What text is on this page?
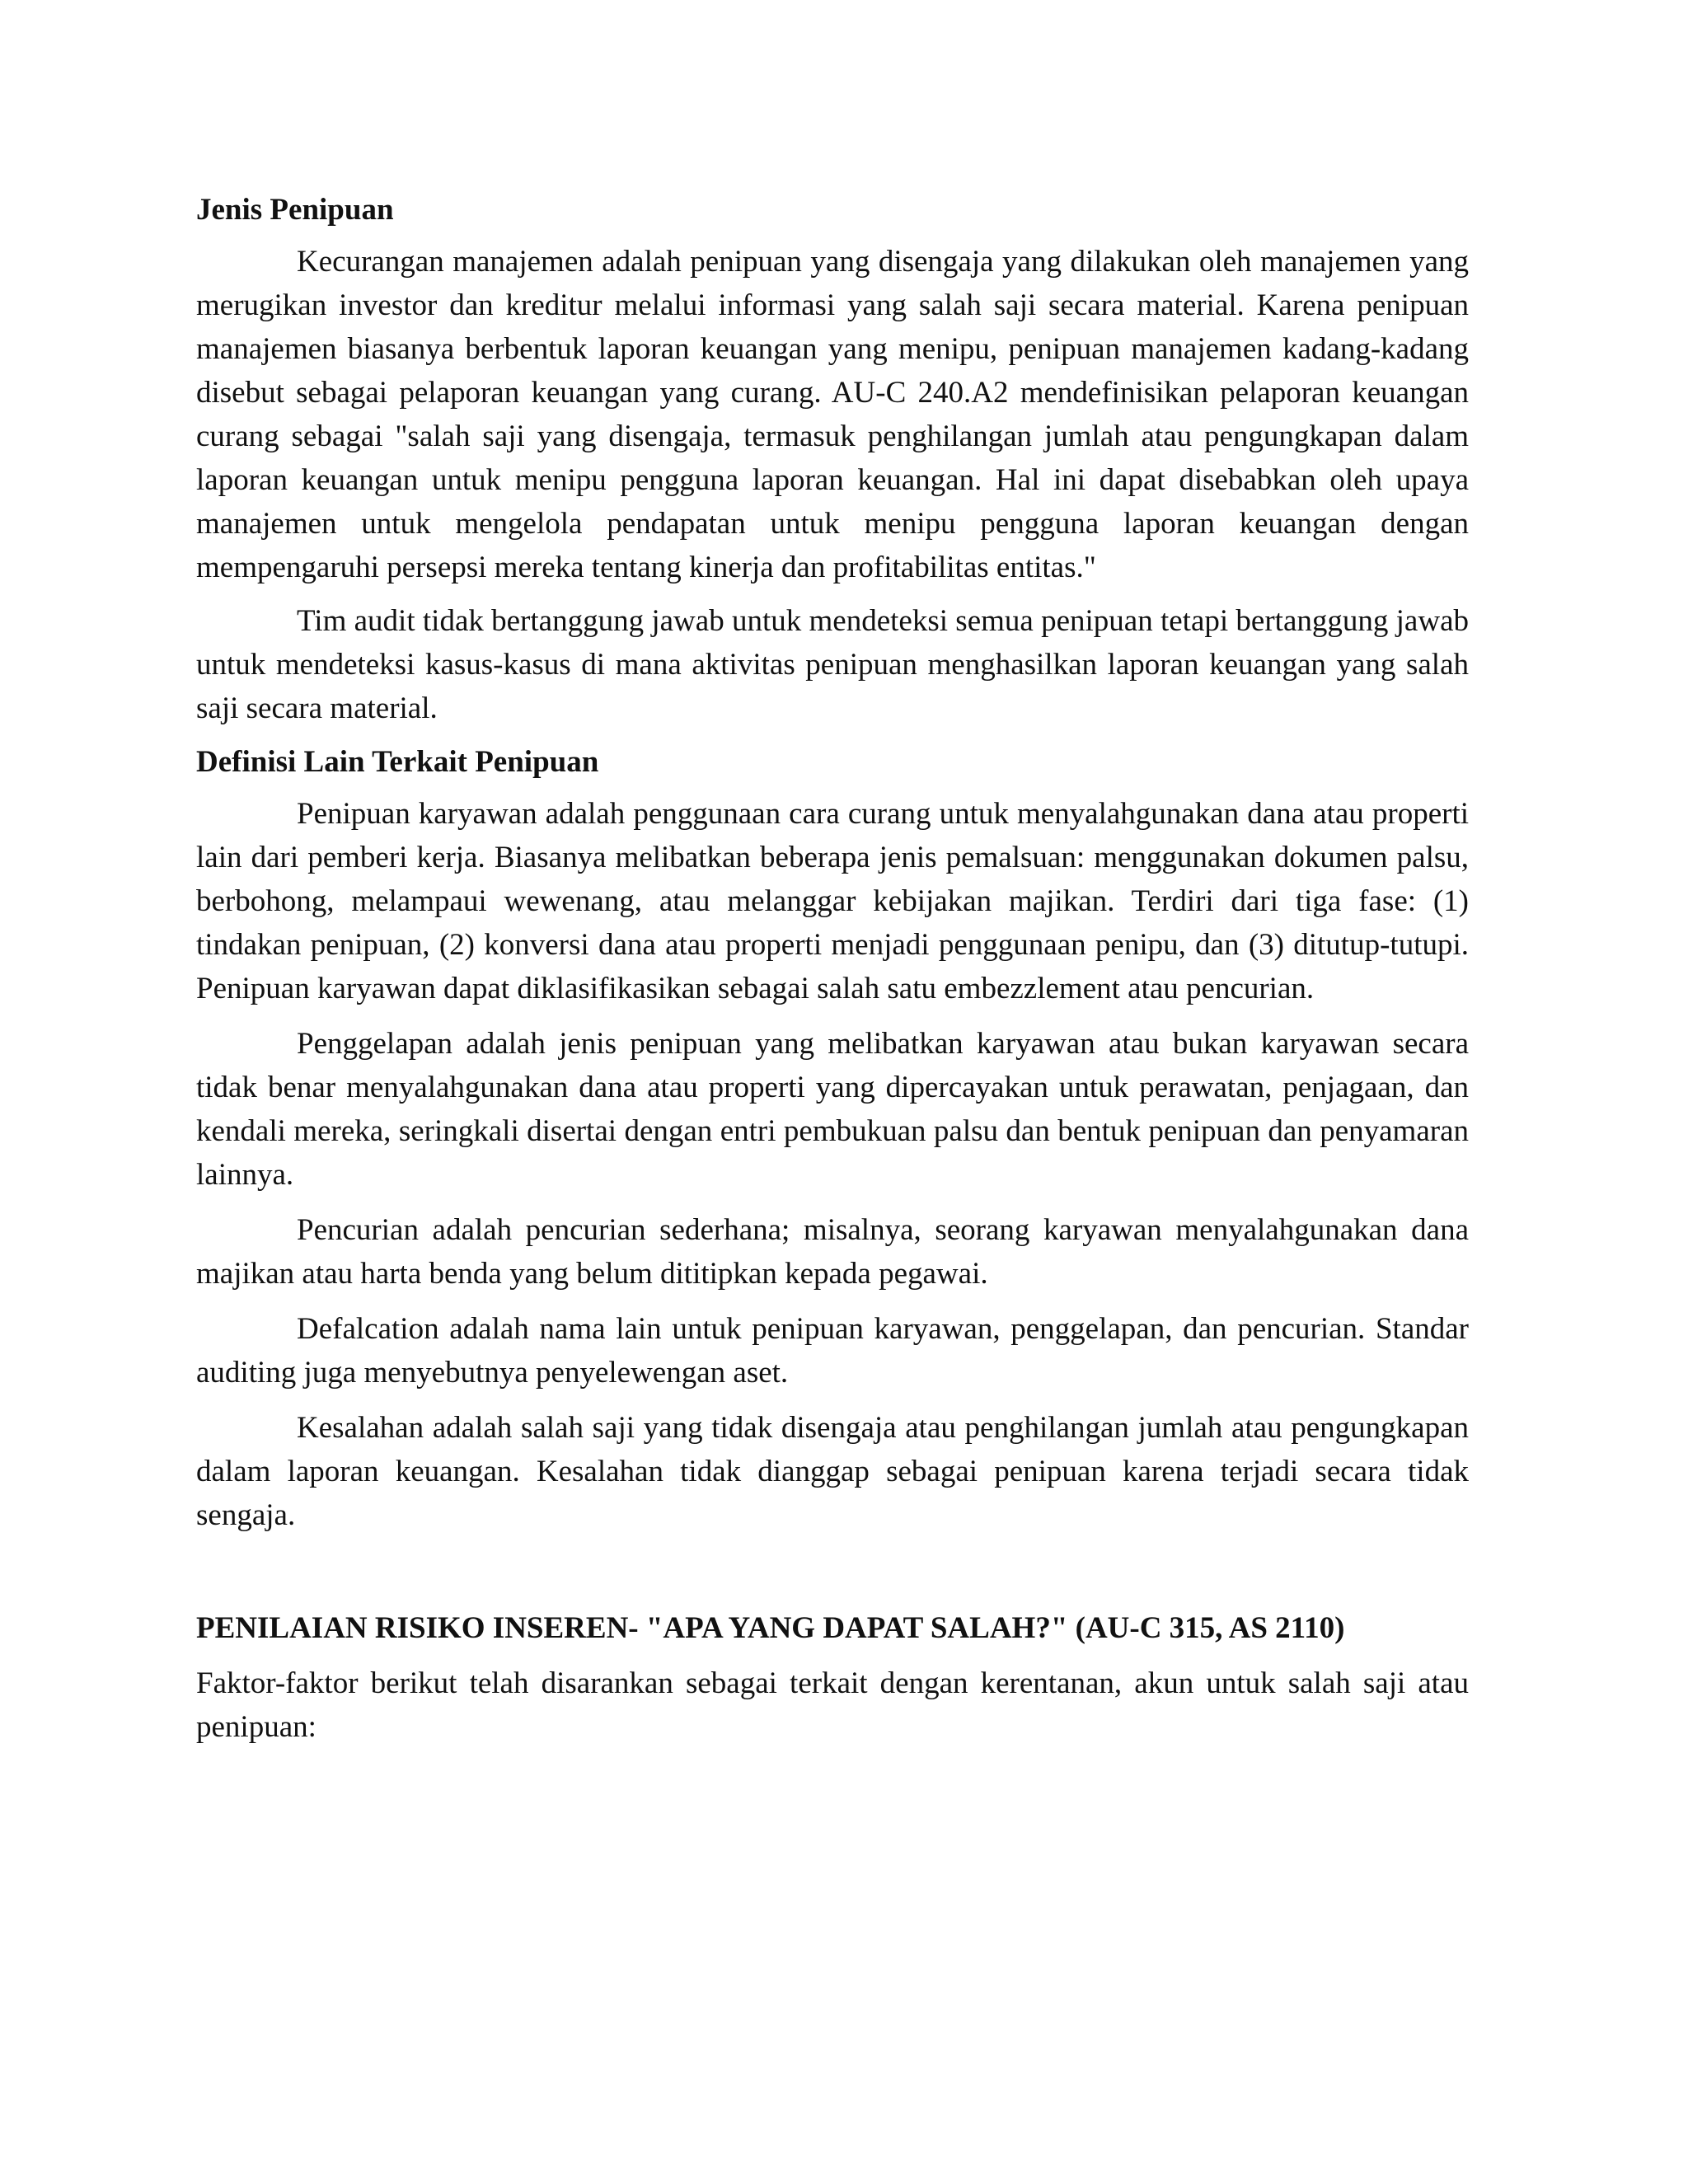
Jenis Penipuan

Kecurangan manajemen adalah penipuan yang disengaja yang dilakukan oleh manajemen yang merugikan investor dan kreditur melalui informasi yang salah saji secara material. Karena penipuan manajemen biasanya berbentuk laporan keuangan yang menipu, penipuan manajemen kadang-kadang disebut sebagai pelaporan keuangan yang curang. AU-C 240.A2 mendefinisikan pelaporan keuangan curang sebagai "salah saji yang disengaja, termasuk penghilangan jumlah atau pengungkapan dalam laporan keuangan untuk menipu pengguna laporan keuangan. Hal ini dapat disebabkan oleh upaya manajemen untuk mengelola pendapatan untuk menipu pengguna laporan keuangan dengan mempengaruhi persepsi mereka tentang kinerja dan profitabilitas entitas."

Tim audit tidak bertanggung jawab untuk mendeteksi semua penipuan tetapi bertanggung jawab untuk mendeteksi kasus-kasus di mana aktivitas penipuan menghasilkan laporan keuangan yang salah saji secara material.

Definisi Lain Terkait Penipuan

Penipuan karyawan adalah penggunaan cara curang untuk menyalahgunakan dana atau properti lain dari pemberi kerja. Biasanya melibatkan beberapa jenis pemalsuan: menggunakan dokumen palsu, berbohong, melampaui wewenang, atau melanggar kebijakan majikan. Terdiri dari tiga fase: (1) tindakan penipuan, (2) konversi dana atau properti menjadi penggunaan penipu, dan (3) ditutup-tutupi. Penipuan karyawan dapat diklasifikasikan sebagai salah satu embezzlement atau pencurian.

Penggelapan adalah jenis penipuan yang melibatkan karyawan atau bukan karyawan secara tidak benar menyalahgunakan dana atau properti yang dipercayakan untuk perawatan, penjagaan, dan kendali mereka, seringkali disertai dengan entri pembukuan palsu dan bentuk penipuan dan penyamaran lainnya.

Pencurian adalah pencurian sederhana; misalnya, seorang karyawan menyalahgunakan dana majikan atau harta benda yang belum dititipkan kepada pegawai.

Defalcation adalah nama lain untuk penipuan karyawan, penggelapan, dan pencurian. Standar auditing juga menyebutnya penyelewengan aset.

Kesalahan adalah salah saji yang tidak disengaja atau penghilangan jumlah atau pengungkapan dalam laporan keuangan. Kesalahan tidak dianggap sebagai penipuan karena terjadi secara tidak sengaja.

PENILAIAN RISIKO INSEREN- "APA YANG DAPAT SALAH?" (AU-C 315, AS 2110)

Faktor-faktor berikut telah disarankan sebagai terkait dengan kerentanan, akun untuk salah saji atau penipuan:
